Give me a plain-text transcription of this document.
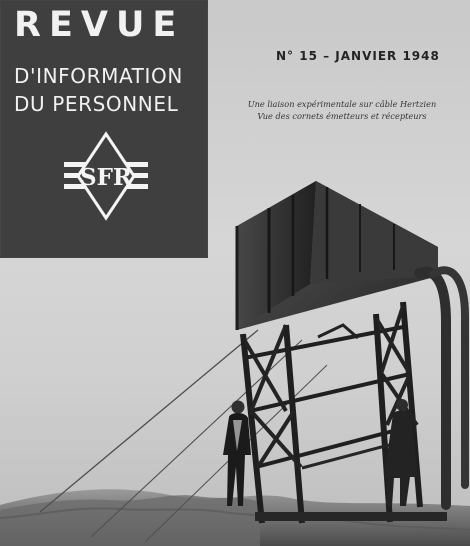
REVUE
D'INFORMATION
DU PERSONNEL
SFR
N° 15 – JANVIER 1948
Une liaison expérimentale sur câble Hertzien
Vue des cornets émetteurs et récepteurs
